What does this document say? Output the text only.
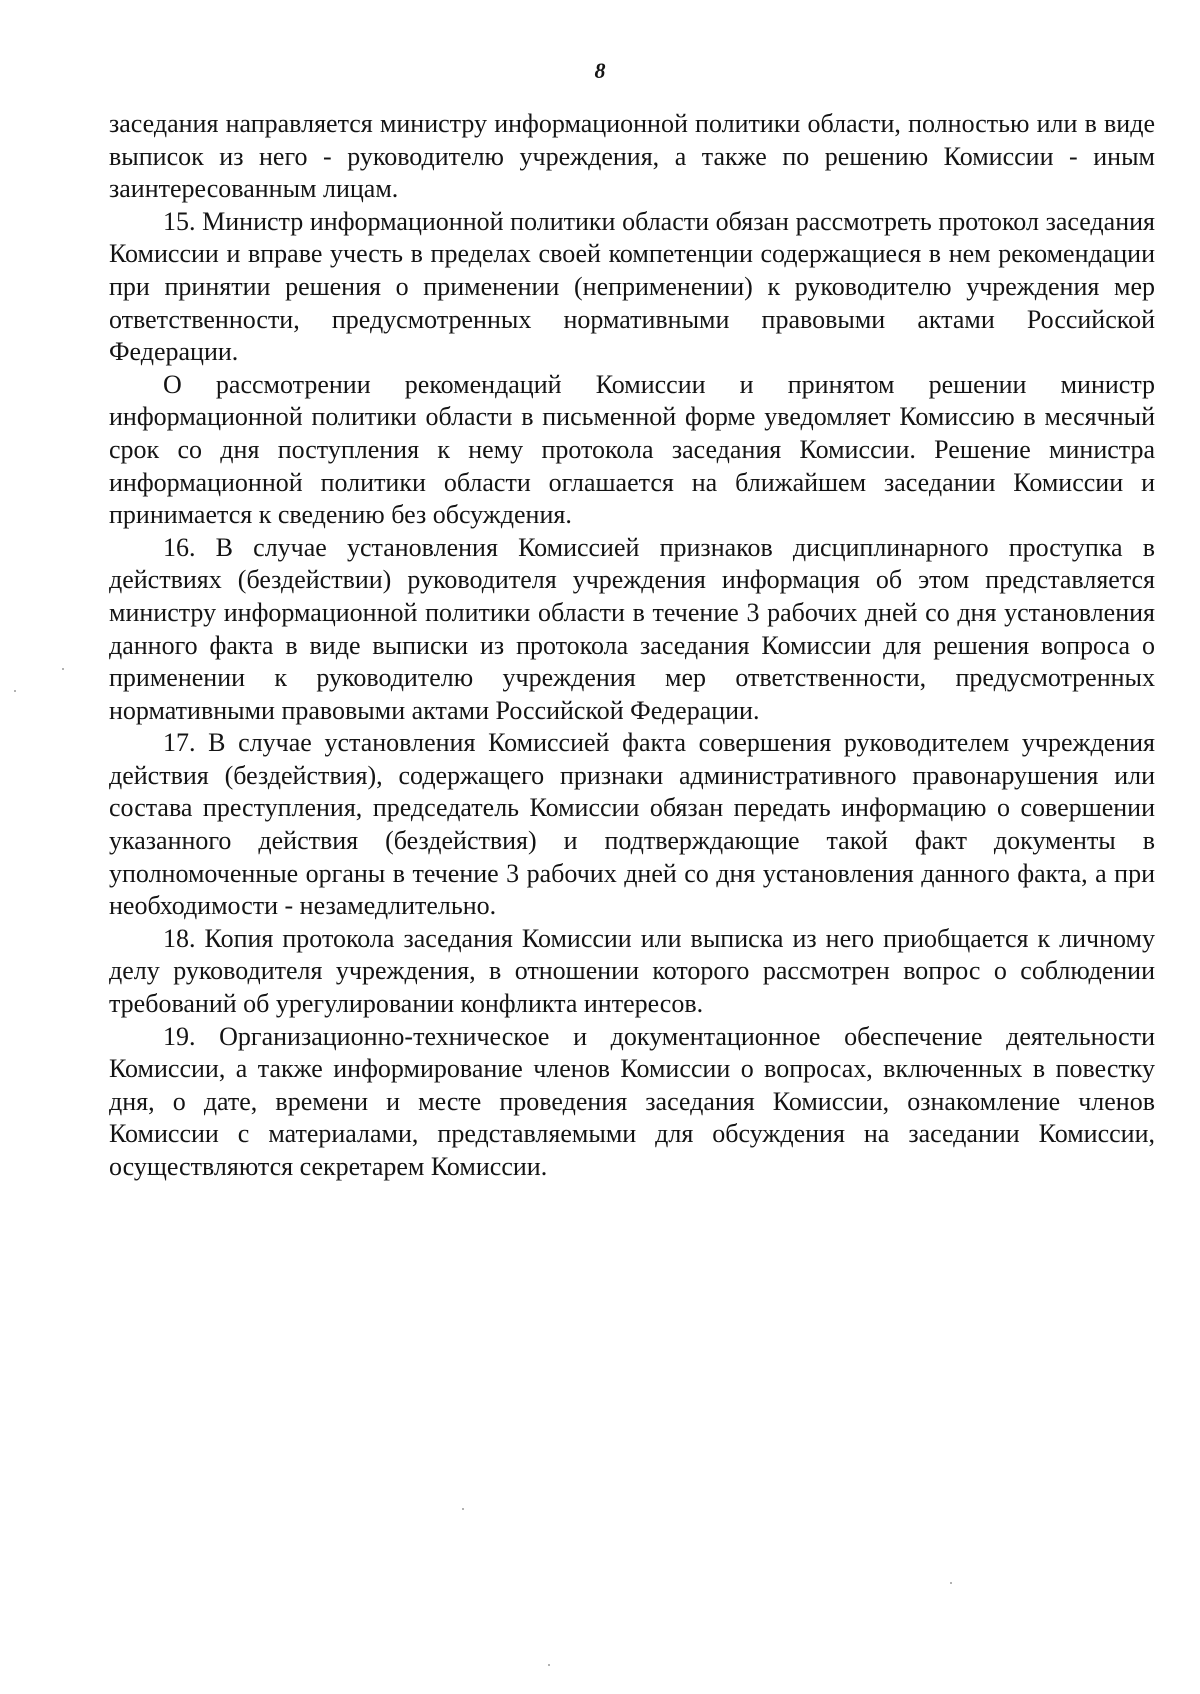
8

заседания направляется министру информационной политики области, полностью или в виде выписок из него - руководителю учреждения, а также по решению Комиссии - иным заинтересованным лицам.

15. Министр информационной политики области обязан рассмотреть протокол заседания Комиссии и вправе учесть в пределах своей компетенции содержащиеся в нем рекомендации при принятии решения о применении (неприменении) к руководителю учреждения мер ответственности, предусмотренных нормативными правовыми актами Российской Федерации.

О рассмотрении рекомендаций Комиссии и принятом решении министр информационной политики области в письменной форме уведомляет Комиссию в месячный срок со дня поступления к нему протокола заседания Комиссии. Решение министра информационной политики области оглашается на ближайшем заседании Комиссии и принимается к сведению без обсуждения.

16. В случае установления Комиссией признаков дисциплинарного проступка в действиях (бездействии) руководителя учреждения информация об этом представляется министру информационной политики области в течение 3 рабочих дней со дня установления данного факта в виде выписки из протокола заседания Комиссии для решения вопроса о применении к руководителю учреждения мер ответственности, предусмотренных нормативными правовыми актами Российской Федерации.

17. В случае установления Комиссией факта совершения руководителем учреждения действия (бездействия), содержащего признаки административного правонарушения или состава преступления, председатель Комиссии обязан передать информацию о совершении указанного действия (бездействия) и подтверждающие такой факт документы в уполномоченные органы в течение 3 рабочих дней со дня установления данного факта, а при необходимости - незамедлительно.

18. Копия протокола заседания Комиссии или выписка из него приобщается к личному делу руководителя учреждения, в отношении которого рассмотрен вопрос о соблюдении требований об урегулировании конфликта интересов.

19. Организационно-техническое и документационное обеспечение деятельности Комиссии, а также информирование членов Комиссии о вопросах, включенных в повестку дня, о дате, времени и месте проведения заседания Комиссии, ознакомление членов Комиссии с материалами, представляемыми для обсуждения на заседании Комиссии, осуществляются секретарем Комиссии.
